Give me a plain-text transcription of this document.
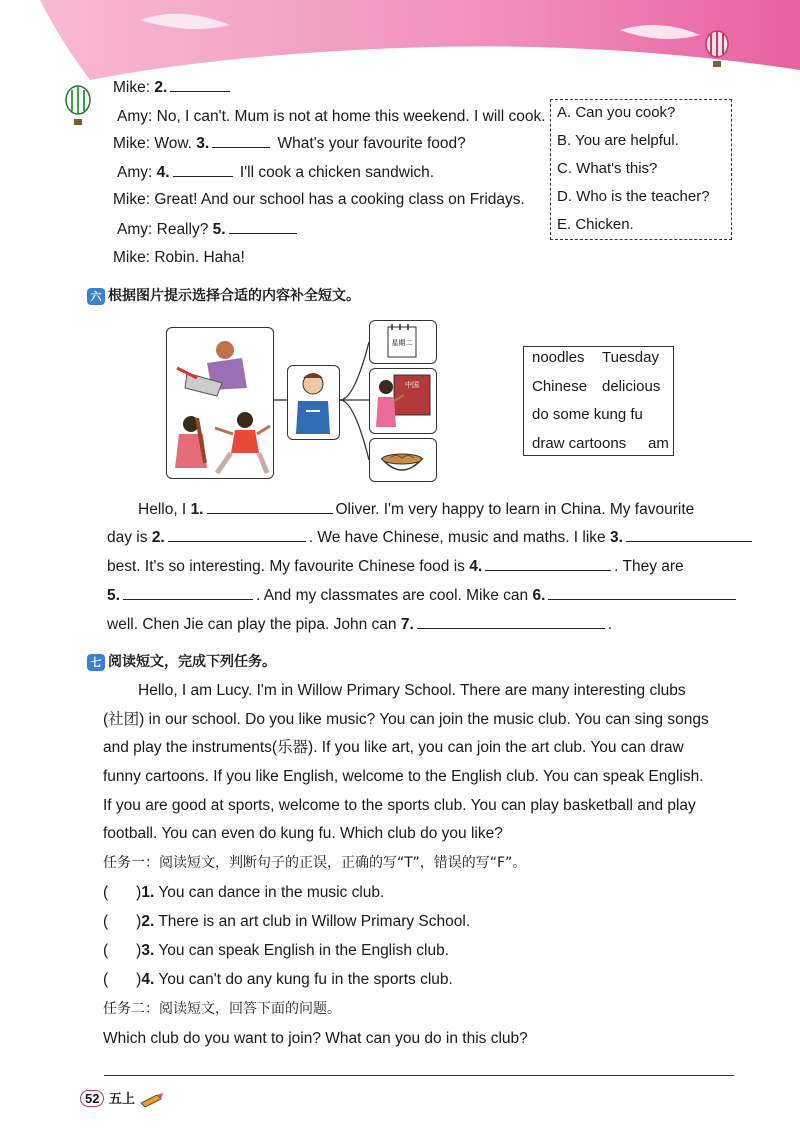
Mike: 2.
Amy: No, I can't. Mum is not at home this weekend. I will cook.
Mike: Wow. 3.	What's your favourite food?
Amy: 4.	I'll cook a chicken sandwich.
Mike: Great! And our school has a cooking class on Fridays.
Amy: Really? 5.
Mike: Robin. Haha!
A. Can you cook?
B. You are helpful.
C. What's this?
D. Who is the teacher?
E. Chicken.
六 根据图片提示选择合适的内容补全短文。
星期二
中国
noodles Tuesday
Chinese delicious
do some kung fu
draw cartoons am
Hello, I 1.	Oliver. I'm very happy to learn in China. My favourite
day is 2.	. We have Chinese, music and maths. I like 3.
best. It's so interesting. My favourite Chinese food is 4.	. They are
5.	. And my classmates are cool. Mike can 6.
well. Chen Jie can play the pipa. John can 7.	.
七 阅读短文，完成下列任务。
Hello, I am Lucy. I'm in Willow Primary School. There are many interesting clubs
(社团) in our school. Do you like music? You can join the music club. You can sing songs
and play the instruments(乐器). If you like art, you can join the art club. You can draw
funny cartoons. If you like English, welcome to the English club. You can speak English.
If you are good at sports, welcome to the sports club. You can play basketball and play
football. You can even do kung fu. Which club do you like?
任务一：阅读短文，判断句子的正误，正确的写“T”，错误的写“F”。
( )1. You can dance in the music club.
( )2. There is an art club in Willow Primary School.
( )3. You can speak English in the English club.
( )4. You can't do any kung fu in the sports club.
任务二：阅读短文，回答下面的问题。
Which club do you want to join? What can you do in this club?
52 五上
